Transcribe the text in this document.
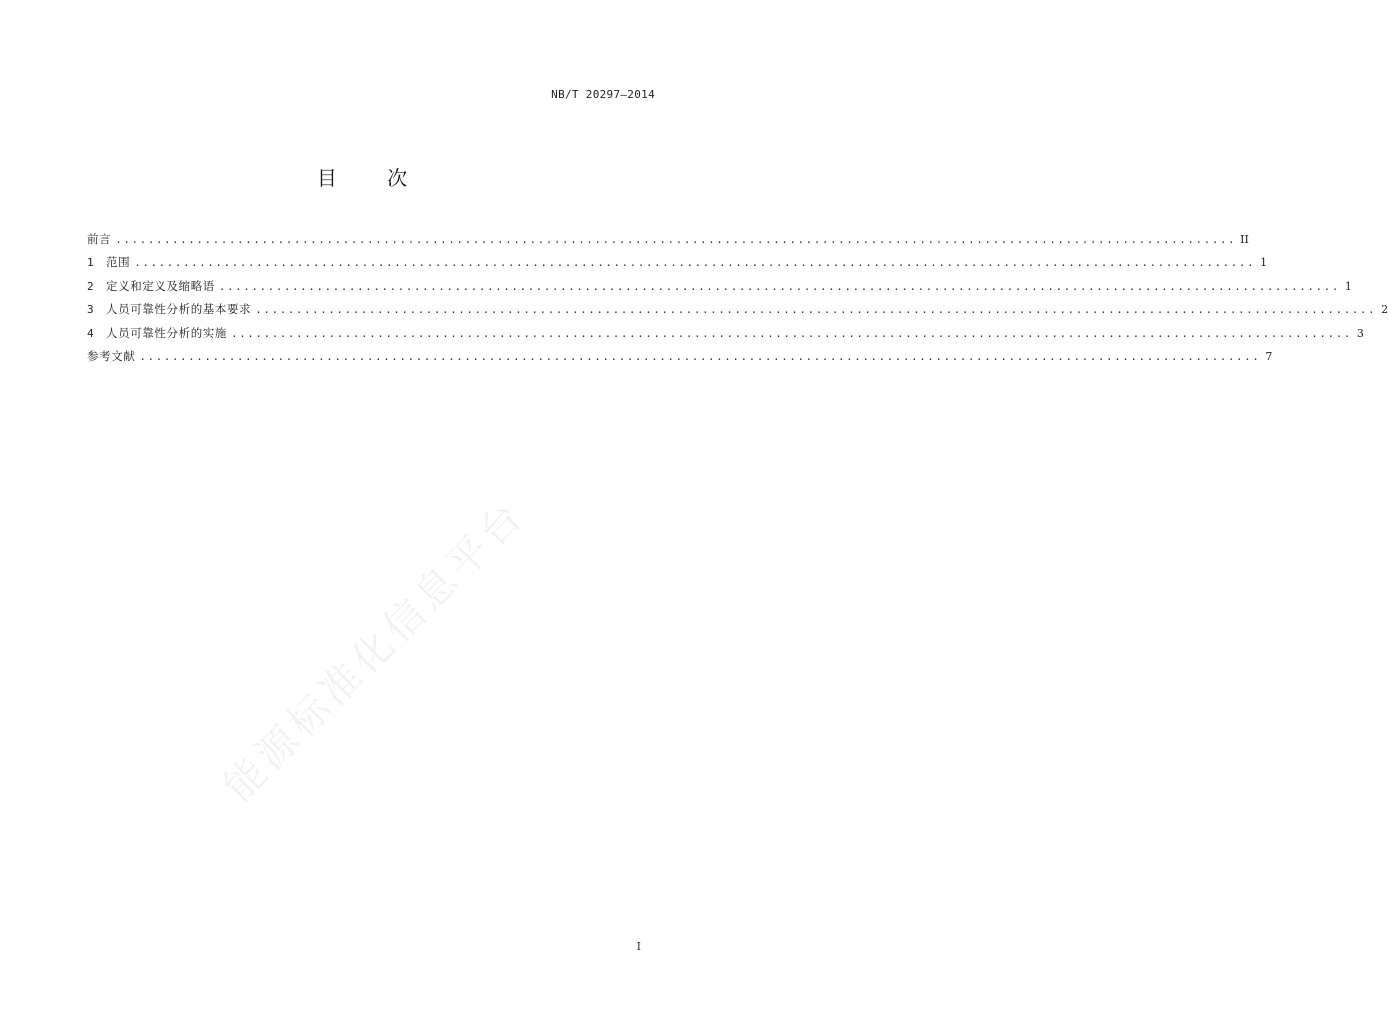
NB/T 20297—2014
目 次
前言 .......................................................................................................................................... II
1	范围 .......................................................................................................................................... 1
2	定义和定义及缩略语 .......................................................................................................................................... 1
3	人员可靠性分析的基本要求 .......................................................................................................................................... 2
4	人员可靠性分析的实施 .......................................................................................................................................... 3
参考文献 .......................................................................................................................................... 7
能源标准化信息平台
I
